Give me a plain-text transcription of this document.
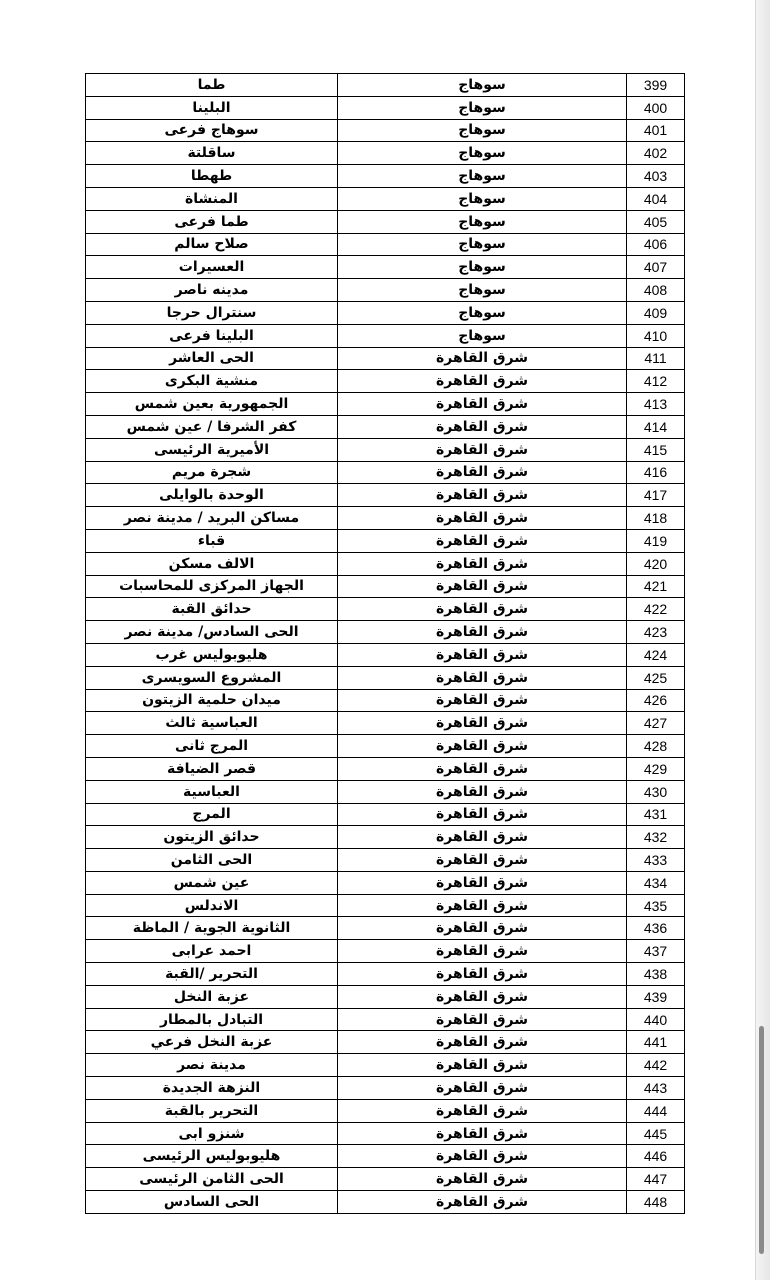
399	سوهاج	طما
400	سوهاج	البلينا
401	سوهاج	سوهاج فرعى
402	سوهاج	ساقلتة
403	سوهاج	طهطا
404	سوهاج	المنشاة
405	سوهاج	طما فرعى
406	سوهاج	صلاح سالم
407	سوهاج	العسيرات
408	سوهاج	مدينه ناصر
409	سوهاج	سنترال حرجا
410	سوهاج	البلينا فرعى
411	شرق القاهرة	الحى العاشر
412	شرق القاهرة	منشية البكرى
413	شرق القاهرة	الجمهورية بعين شمس
414	شرق القاهرة	كفر الشرفا / عين شمس
415	شرق القاهرة	الأميرية الرئيسى
416	شرق القاهرة	شجرة مريم
417	شرق القاهرة	الوحدة بالوايلى
418	شرق القاهرة	مساكن البريد / مدينة نصر
419	شرق القاهرة	قباء
420	شرق القاهرة	الالف مسكن
421	شرق القاهرة	الجهاز المركزى للمحاسبات
422	شرق القاهرة	حدائق القبة
423	شرق القاهرة	الحى السادس/ مدينة نصر
424	شرق القاهرة	هليوبوليس غرب
425	شرق القاهرة	المشروع السويسرى
426	شرق القاهرة	ميدان حلمية الزيتون
427	شرق القاهرة	العباسية ثالث
428	شرق القاهرة	المرج ثانى
429	شرق القاهرة	قصر الضيافة
430	شرق القاهرة	العباسية
431	شرق القاهرة	المرج
432	شرق القاهرة	حدائق الزيتون
433	شرق القاهرة	الحى الثامن
434	شرق القاهرة	عين شمس
435	شرق القاهرة	الاندلس
436	شرق القاهرة	الثانوية الجوية / الماظة
437	شرق القاهرة	احمد عرابى
438	شرق القاهرة	التحرير /القبة
439	شرق القاهرة	عزبة النخل
440	شرق القاهرة	التبادل بالمطار
441	شرق القاهرة	عزبة النخل فرعي
442	شرق القاهرة	مدينة نصر
443	شرق القاهرة	النزهة الجديدة
444	شرق القاهرة	التحرير بالقبة
445	شرق القاهرة	شنزو ابى
446	شرق القاهرة	هليوبوليس الرئيسى
447	شرق القاهرة	الحى الثامن الرئيسى
448	شرق القاهرة	الحى السادس
